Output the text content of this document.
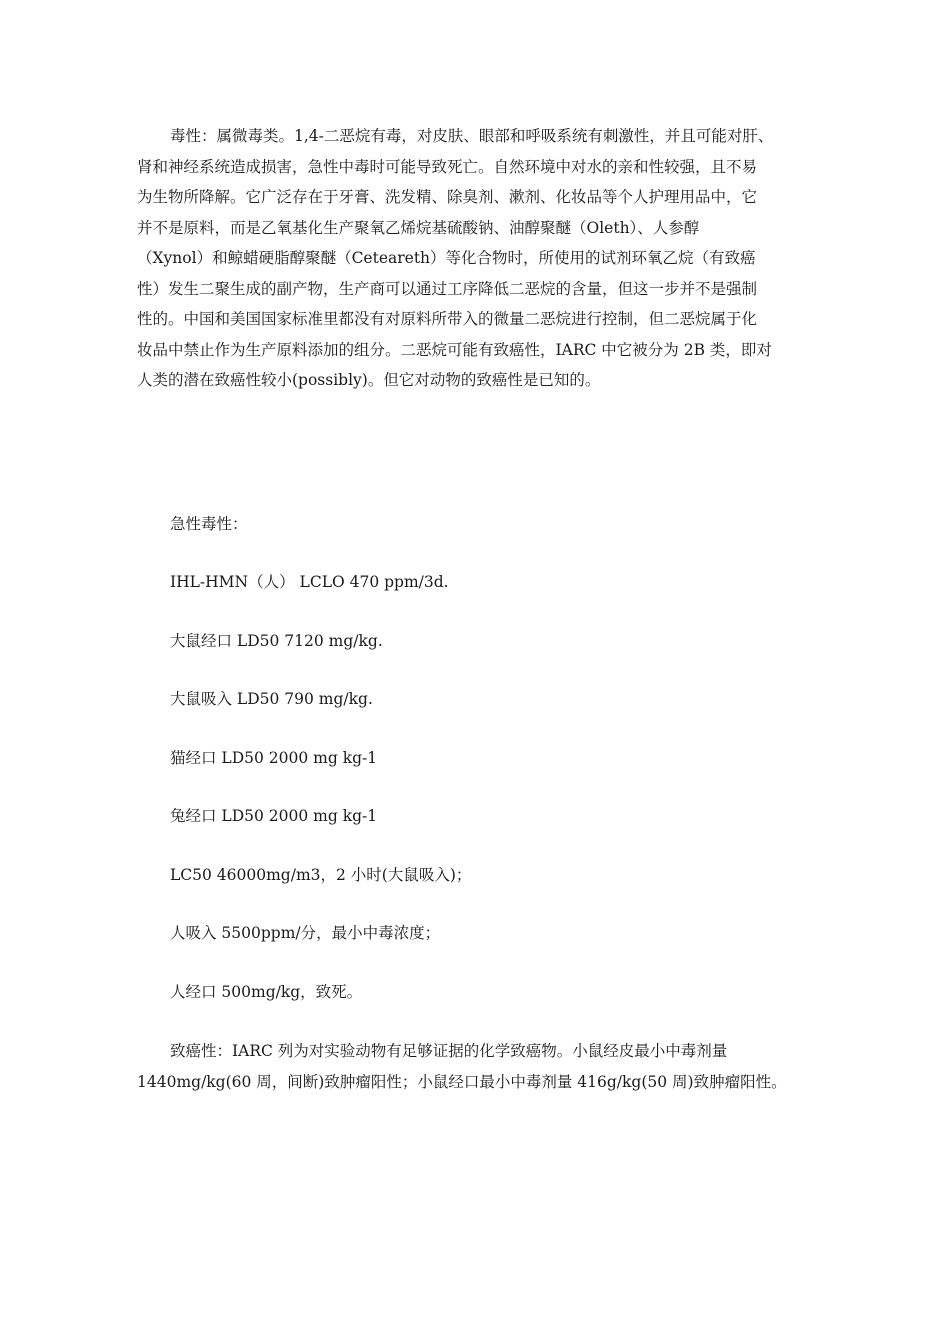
毒性：属微毒类。1,4-二恶烷有毒，对皮肤、眼部和呼吸系统有刺激性，并且可能对肝、
肾和神经系统造成损害，急性中毒时可能导致死亡。自然环境中对水的亲和性较强，且不易
为生物所降解。它广泛存在于牙膏、洗发精、除臭剂、漱剂、化妆品等个人护理用品中，它
并不是原料，而是乙氧基化生产聚氧乙烯烷基硫酸钠、油醇聚醚（Oleth）、人参醇
（Xynol）和鲸蜡硬脂醇聚醚（Ceteareth）等化合物时，所使用的试剂环氧乙烷（有致癌
性）发生二聚生成的副产物，生产商可以通过工序降低二恶烷的含量，但这一步并不是强制
性的。中国和美国国家标准里都没有对原料所带入的微量二恶烷进行控制，但二恶烷属于化
妆品中禁止作为生产原料添加的组分。二恶烷可能有致癌性，IARC 中它被分为 2B 类，即对
人类的潜在致癌性较小(possibly)。但它对动物的致癌性是已知的。

急性毒性：

IHL-HMN（人） LCLO 470 ppm/3d.

大鼠经口 LD50 7120 mg/kg.

大鼠吸入 LD50 790 mg/kg.

猫经口 LD50 2000 mg kg-1

兔经口 LD50 2000 mg kg-1

LC50 46000mg/m3，2 小时(大鼠吸入)；

人吸入 5500ppm/分，最小中毒浓度；

人经口 500mg/kg，致死。

致癌性：IARC 列为对实验动物有足够证据的化学致癌物。小鼠经皮最小中毒剂量
1440mg/kg(60 周，间断)致肿瘤阳性；小鼠经口最小中毒剂量 416g/kg(50 周)致肿瘤阳性。
